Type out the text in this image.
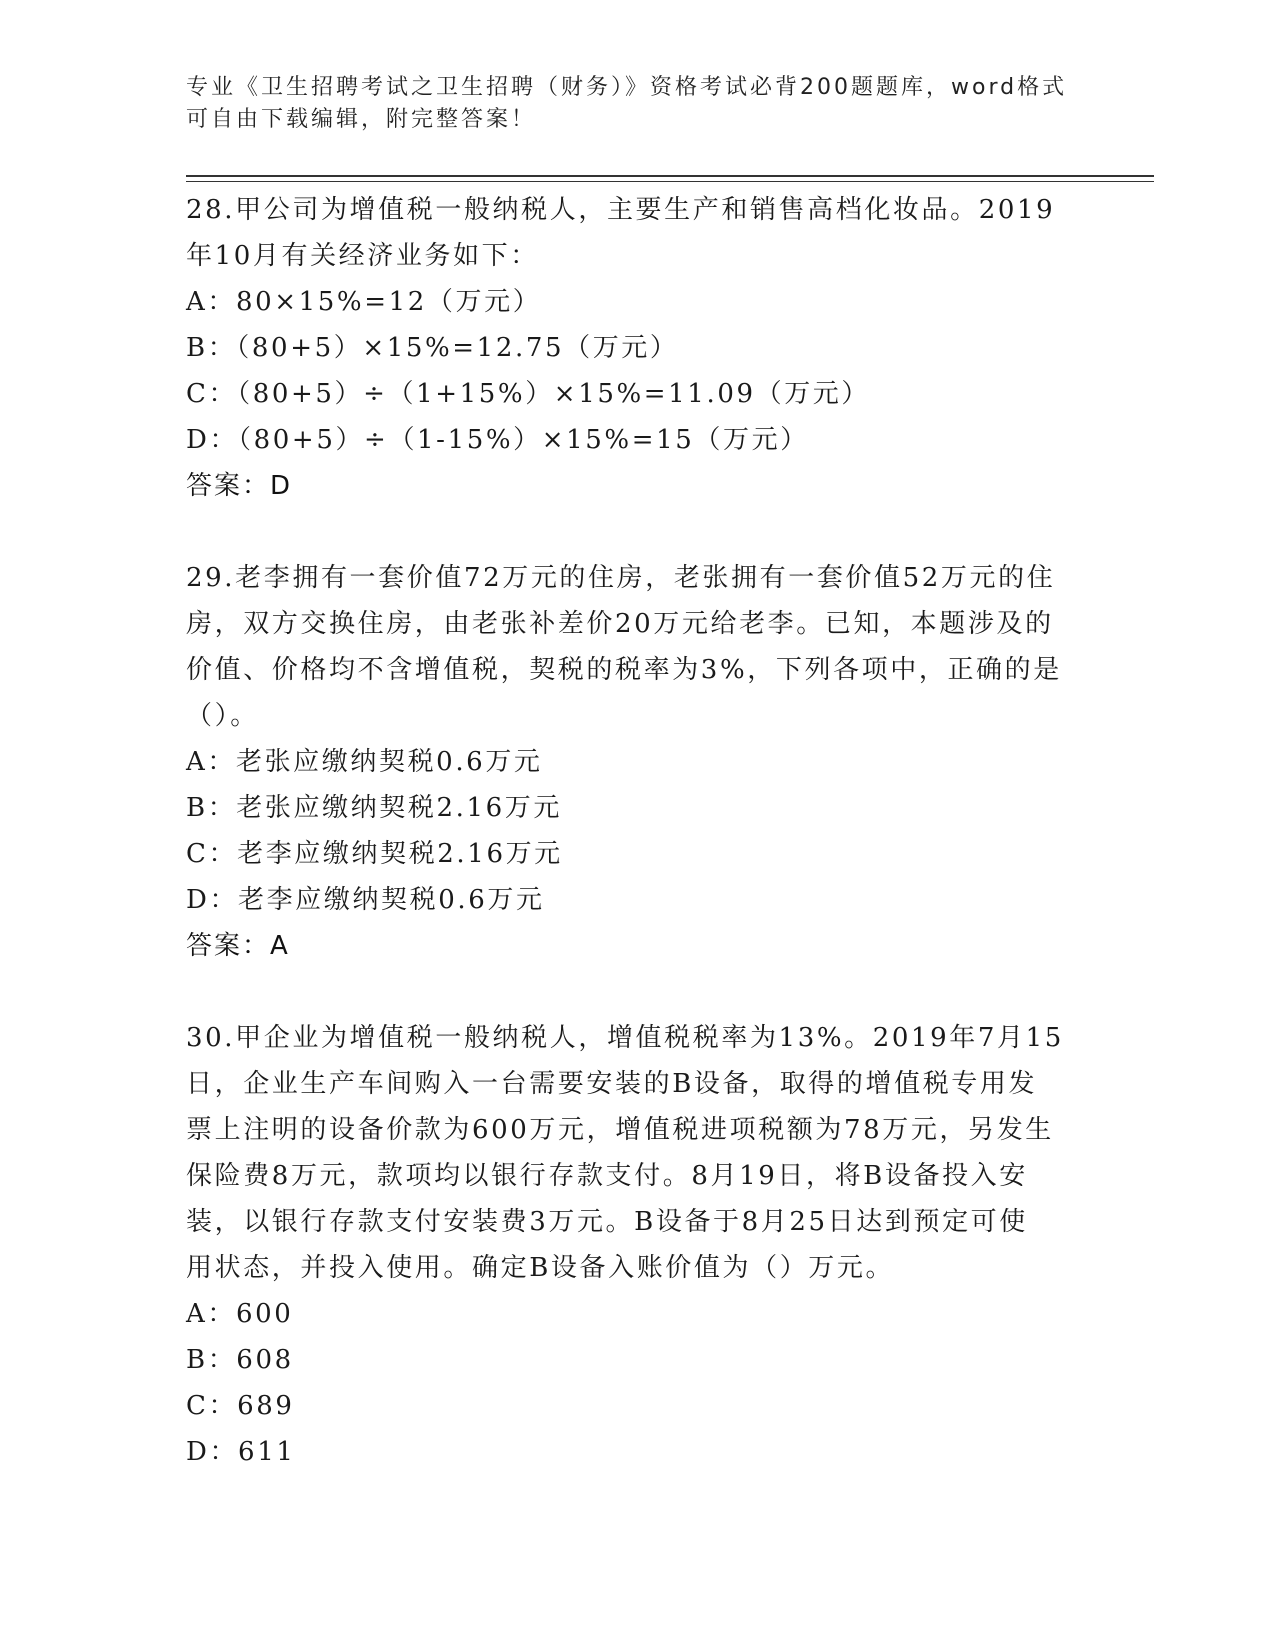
专业《卫生招聘考试之卫生招聘（财务）》资格考试必背200题题库，word格式
可自由下载编辑，附完整答案！
28.甲公司为增值税一般纳税人，主要生产和销售高档化妆品。2019
年10月有关经济业务如下：
A：80×15%=12（万元）
B：（80+5）×15%=12.75（万元）
C：（80+5）÷（1+15%）×15%=11.09（万元）
D：（80+5）÷（1-15%）×15%=15（万元）
答案：D
29.老李拥有一套价值72万元的住房，老张拥有一套价值52万元的住
房，双方交换住房，由老张补差价20万元给老李。已知，本题涉及的
价值、价格均不含增值税，契税的税率为3%，下列各项中，正确的是
（）。
A：老张应缴纳契税0.6万元
B：老张应缴纳契税2.16万元
C：老李应缴纳契税2.16万元
D：老李应缴纳契税0.6万元
答案：A
30.甲企业为增值税一般纳税人，增值税税率为13%。2019年7月15
日，企业生产车间购入一台需要安装的B设备，取得的增值税专用发
票上注明的设备价款为600万元，增值税进项税额为78万元，另发生
保险费8万元，款项均以银行存款支付。8月19日，将B设备投入安
装，以银行存款支付安装费3万元。B设备于8月25日达到预定可使
用状态，并投入使用。确定B设备入账价值为（）万元。
A：600
B：608
C：689
D：611
